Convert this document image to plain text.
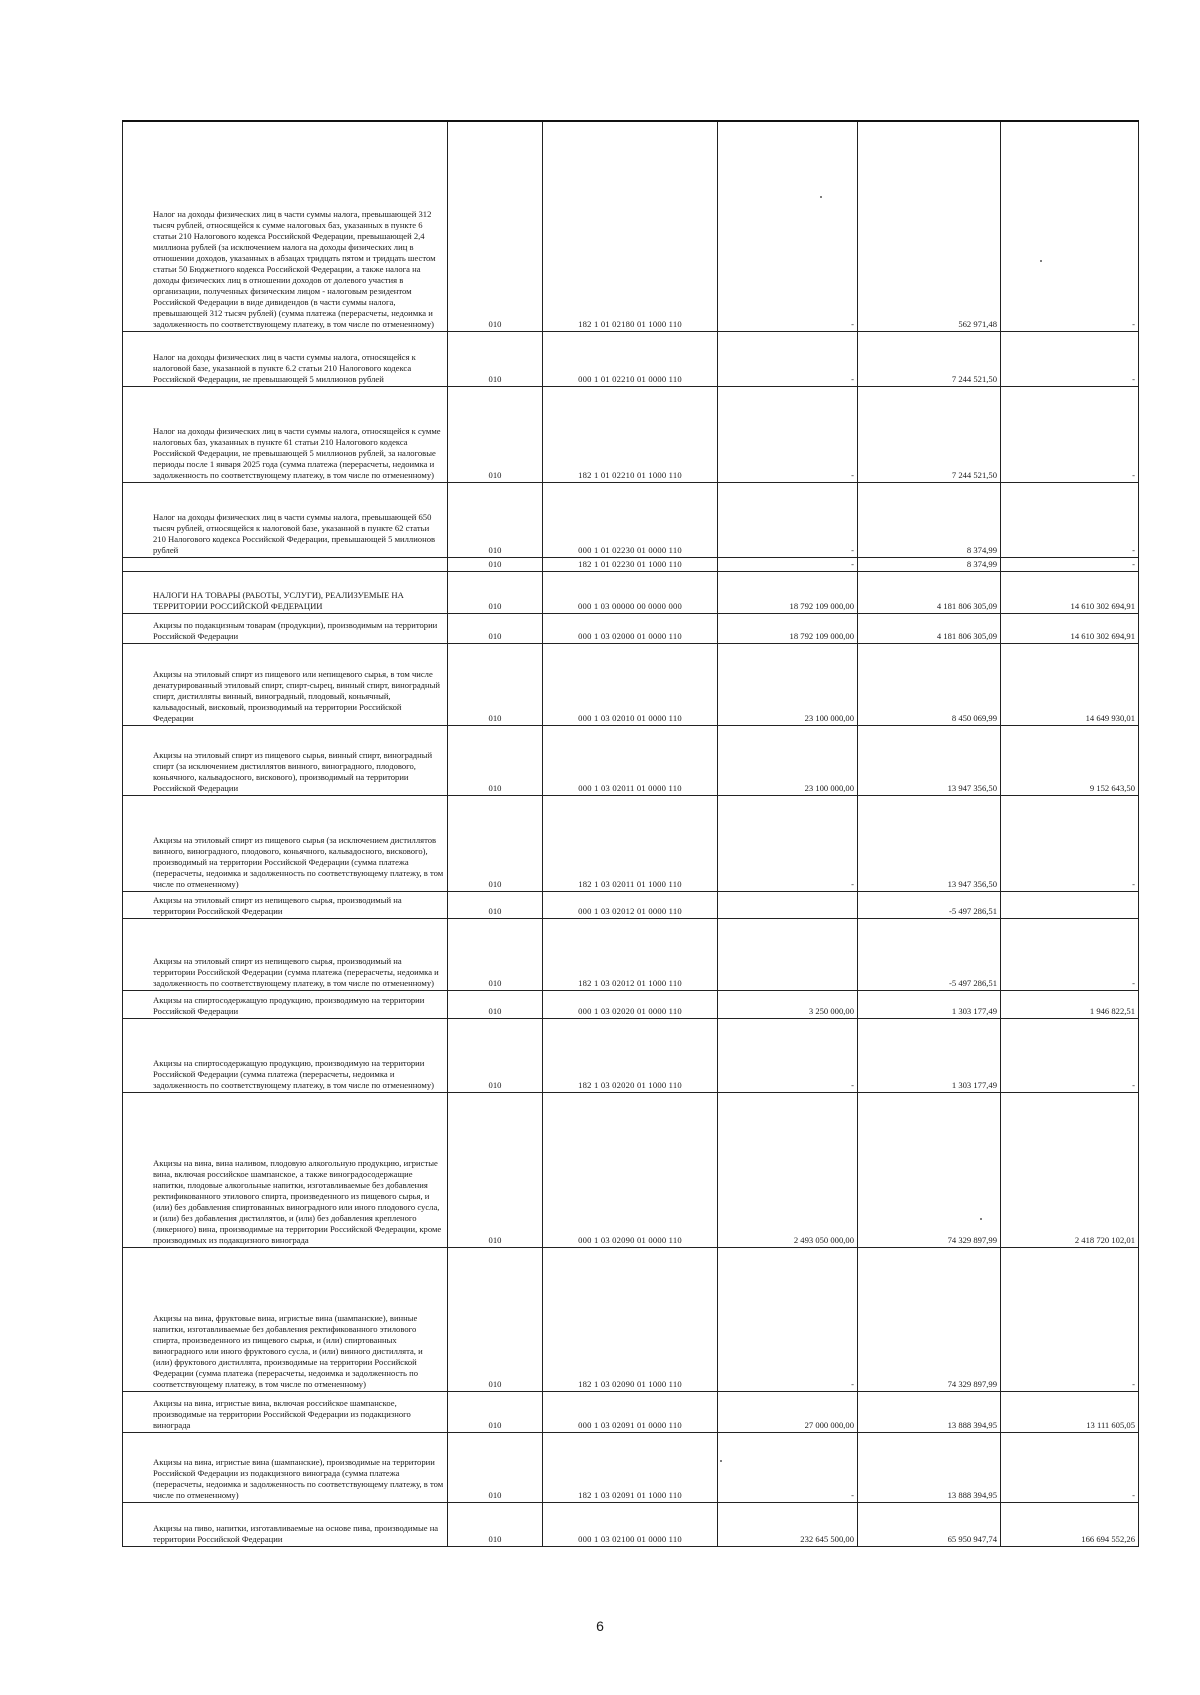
Налог на доходы физических лиц в части суммы налога, превышающей 312 тысяч рублей, относящейся к сумме налоговых баз, указанных в пункте 6 статьи 210 Налогового кодекса Российской Федерации, превышающей 2,4 миллиона рублей (за исключением налога на доходы физических лиц в отношении доходов, указанных в абзацах тридцать пятом и тридцать шестом статьи 50 Бюджетного кодекса Российской Федерации, а также налога на доходы физических лиц в отношении доходов от долевого участия в организации, полученных физическим лицом - налоговым резидентом Российской Федерации в виде дивидендов (в части суммы налога, превышающей 312 тысяч рублей) (сумма платежа (перерасчеты, недоимка и задолженность по соответствующему платежу, в том числе по отмененному)	010	182 1 01 02180 01 1000 110	-	562 971,48	-
Налог на доходы физических лиц в части суммы налога, относящейся к налоговой базе, указанной в пункте 6.2 статьи 210 Налогового кодекса Российской Федерации, не превышающей 5 миллионов рублей	010	000 1 01 02210 01 0000 110	-	7 244 521,50	-
Налог на доходы физических лиц в части суммы налога, относящейся к сумме налоговых баз, указанных в пункте 61 статьи 210 Налогового кодекса Российской Федерации, не превышающей 5 миллионов рублей, за налоговые периоды после 1 января 2025 года (сумма платежа (перерасчеты, недоимка и задолженность по соответствующему платежу, в том числе по отмененному)	010	182 1 01 02210 01 1000 110	-	7 244 521,50	-
Налог на доходы физических лиц в части суммы налога, превышающей 650 тысяч рублей, относящейся к налоговой базе, указанной в пункте 62 статьи 210 Налогового кодекса Российской Федерации, превышающей 5 миллионов рублей	010	000 1 01 02230 01 0000 110	-	8 374,99	-
	010	182 1 01 02230 01 1000 110	-	8 374,99	-
НАЛОГИ НА ТОВАРЫ (РАБОТЫ, УСЛУГИ), РЕАЛИЗУЕМЫЕ НА ТЕРРИТОРИИ РОССИЙСКОЙ ФЕДЕРАЦИИ	010	000 1 03 00000 00 0000 000	18 792 109 000,00	4 181 806 305,09	14 610 302 694,91
Акцизы по подакцизным товарам (продукции), производимым на территории Российской Федерации	010	000 1 03 02000 01 0000 110	18 792 109 000,00	4 181 806 305,09	14 610 302 694,91
Акцизы на этиловый спирт из пищевого или непищевого сырья, в том числе денатурированный этиловый спирт, спирт-сырец, винный спирт, виноградный спирт, дистилляты винный, виноградный, плодовый, коньячный, кальвадосный, висковый, производимый на территории Российской Федерации	010	000 1 03 02010 01 0000 110	23 100 000,00	8 450 069,99	14 649 930,01
Акцизы на этиловый спирт из пищевого сырья, винный спирт, виноградный спирт (за исключением дистиллятов винного, виноградного, плодового, коньячного, кальвадосного, вискового), производимый на территории Российской Федерации	010	000 1 03 02011 01 0000 110	23 100 000,00	13 947 356,50	9 152 643,50
Акцизы на этиловый спирт из пищевого сырья (за исключением дистиллятов винного, виноградного, плодового, коньячного, кальвадосного, вискового), производимый на территории Российской Федерации (сумма платежа (перерасчеты, недоимка и задолженность по соответствующему платежу, в том числе по отмененному)	010	182 1 03 02011 01 1000 110	-	13 947 356,50	-
Акцизы на этиловый спирт из непищевого сырья, производимый на территории Российской Федерации	010	000 1 03 02012 01 0000 110		-5 497 286,51	
Акцизы на этиловый спирт из непищевого сырья, производимый на территории Российской Федерации (сумма платежа (перерасчеты, недоимка и задолженность по соответствующему платежу, в том числе по отмененному)	010	182 1 03 02012 01 1000 110		-5 497 286,51	-
Акцизы на спиртосодержащую продукцию, производимую на территории Российской Федерации	010	000 1 03 02020 01 0000 110	3 250 000,00	1 303 177,49	1 946 822,51
Акцизы на спиртосодержащую продукцию, производимую на территории Российской Федерации (сумма платежа (перерасчеты, недоимка и задолженность по соответствующему платежу, в том числе по отмененному)	010	182 1 03 02020 01 1000 110	-	1 303 177,49	-
Акцизы на вина, вина наливом, плодовую алкогольную продукцию, игристые вина, включая российское шампанское, а также виноградосодержащие напитки, плодовые алкогольные напитки, изготавливаемые без добавления ректификованного этилового спирта, произведенного из пищевого сырья, и (или) без добавления спиртованных виноградного или иного плодового сусла, и (или) без добавления дистиллятов, и (или) без добавления крепленого (ликерного) вина, производимые на территории Российской Федерации, кроме производимых из подакцизного винограда	010	000 1 03 02090 01 0000 110	2 493 050 000,00	74 329 897,99	2 418 720 102,01
Акцизы на вина, фруктовые вина, игристые вина (шампанские), винные напитки, изготавливаемые без добавления ректификованного этилового спирта, произведенного из пищевого сырья, и (или) спиртованных виноградного или иного фруктового сусла, и (или) винного дистиллята, и (или) фруктового дистиллята, производимые на территории Российской Федерации (сумма платежа (перерасчеты, недоимка и задолженность по соответствующему платежу, в том числе по отмененному)	010	182 1 03 02090 01 1000 110	-	74 329 897,99	-
Акцизы на вина, игристые вина, включая российское шампанское, производимые на территории Российской Федерации из подакцизного винограда	010	000 1 03 02091 01 0000 110	27 000 000,00	13 888 394,95	13 111 605,05
Акцизы на вина, игристые вина (шампанские), производимые на территории Российской Федерации из подакцизного винограда (сумма платежа (перерасчеты, недоимка и задолженность по соответствующему платежу, в том числе по отмененному)	010	182 1 03 02091 01 1000 110	-	13 888 394,95	-
Акцизы на пиво, напитки, изготавливаемые на основе пива, производимые на территории Российской Федерации	010	000 1 03 02100 01 0000 110	232 645 500,00	65 950 947,74	166 694 552,26
6
